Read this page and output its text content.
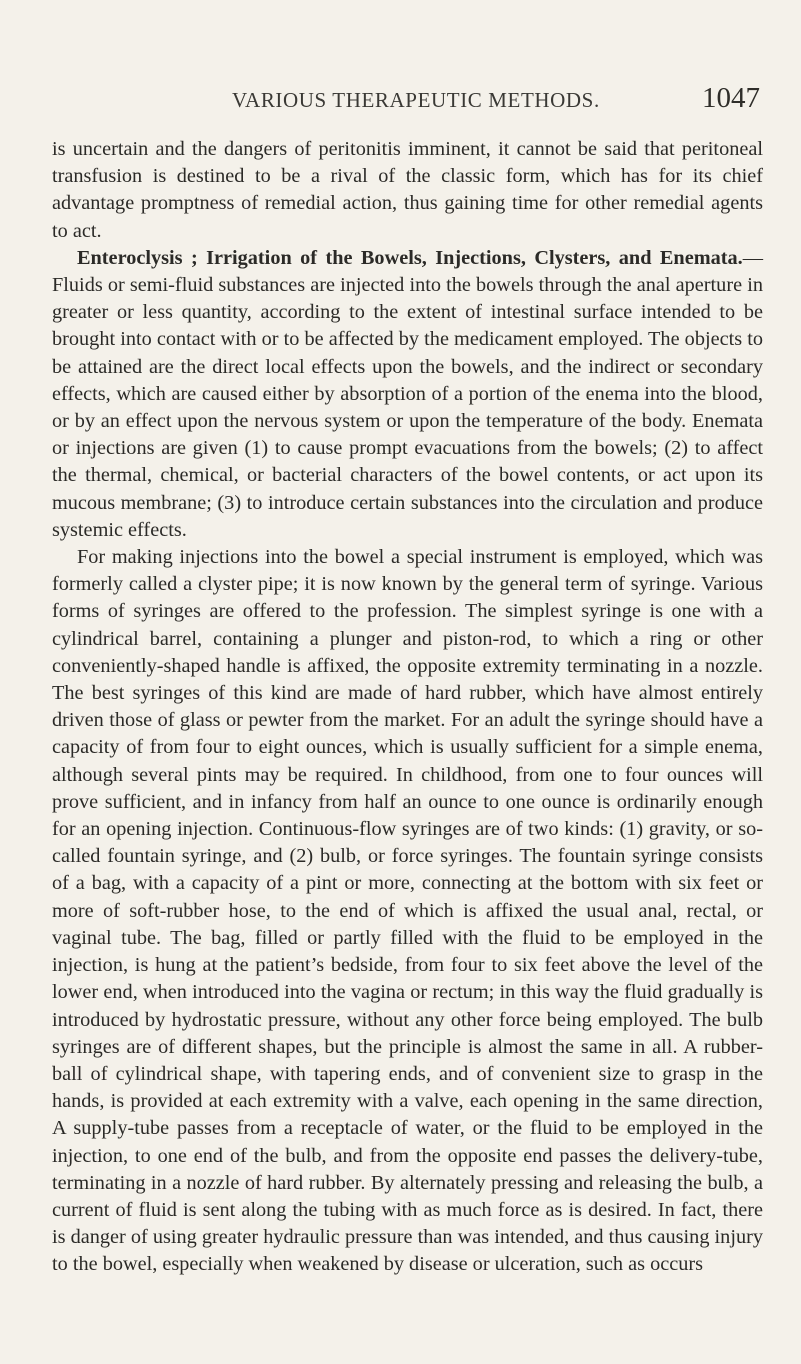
VARIOUS THERAPEUTIC METHODS.	1047

is uncertain and the dangers of peritonitis imminent, it cannot be said that peritoneal transfusion is destined to be a rival of the classic form, which has for its chief advantage promptness of remedial action, thus gaining time for other remedial agents to act.

Enteroclysis ; Irrigation of the Bowels, Injections, Clysters, and Enemata.—Fluids or semi-fluid substances are injected into the bowels through the anal aperture in greater or less quantity, according to the extent of intestinal surface intended to be brought into contact with or to be affected by the medicament employed. The objects to be attained are the direct local effects upon the bowels, and the indirect or secondary effects, which are caused either by absorption of a portion of the enema into the blood, or by an effect upon the nervous system or upon the temperature of the body. Enemata or injections are given (1) to cause prompt evacuations from the bowels; (2) to affect the thermal, chemical, or bacterial characters of the bowel contents, or act upon its mucous membrane; (3) to introduce certain substances into the circulation and produce systemic effects.

For making injections into the bowel a special instrument is employed, which was formerly called a clyster pipe; it is now known by the general term of syringe. Various forms of syringes are offered to the profession. The simplest syringe is one with a cylindrical barrel, containing a plunger and piston-rod, to which a ring or other conveniently-shaped handle is affixed, the opposite extremity terminating in a nozzle. The best syringes of this kind are made of hard rubber, which have almost entirely driven those of glass or pewter from the market. For an adult the syringe should have a capacity of from four to eight ounces, which is usually sufficient for a simple enema, although several pints may be required. In childhood, from one to four ounces will prove sufficient, and in infancy from half an ounce to one ounce is ordinarily enough for an opening injection. Continuous-flow syringes are of two kinds: (1) gravity, or so-called fountain syringe, and (2) bulb, or force syringes. The fountain syringe consists of a bag, with a capacity of a pint or more, connecting at the bottom with six feet or more of soft-rubber hose, to the end of which is affixed the usual anal, rectal, or vaginal tube. The bag, filled or partly filled with the fluid to be employed in the injection, is hung at the patient’s bedside, from four to six feet above the level of the lower end, when introduced into the vagina or rectum; in this way the fluid gradually is introduced by hydrostatic pressure, without any other force being employed. The bulb syringes are of different shapes, but the principle is almost the same in all. A rubber-ball of cylindrical shape, with tapering ends, and of convenient size to grasp in the hands, is provided at each extremity with a valve, each opening in the same direction, A supply-tube passes from a receptacle of water, or the fluid to be employed in the injection, to one end of the bulb, and from the opposite end passes the delivery-tube, terminating in a nozzle of hard rubber. By alternately pressing and releasing the bulb, a current of fluid is sent along the tubing with as much force as is desired. In fact, there is danger of using greater hydraulic pressure than was intended, and thus causing injury to the bowel, especially when weakened by disease or ulceration, such as occurs
